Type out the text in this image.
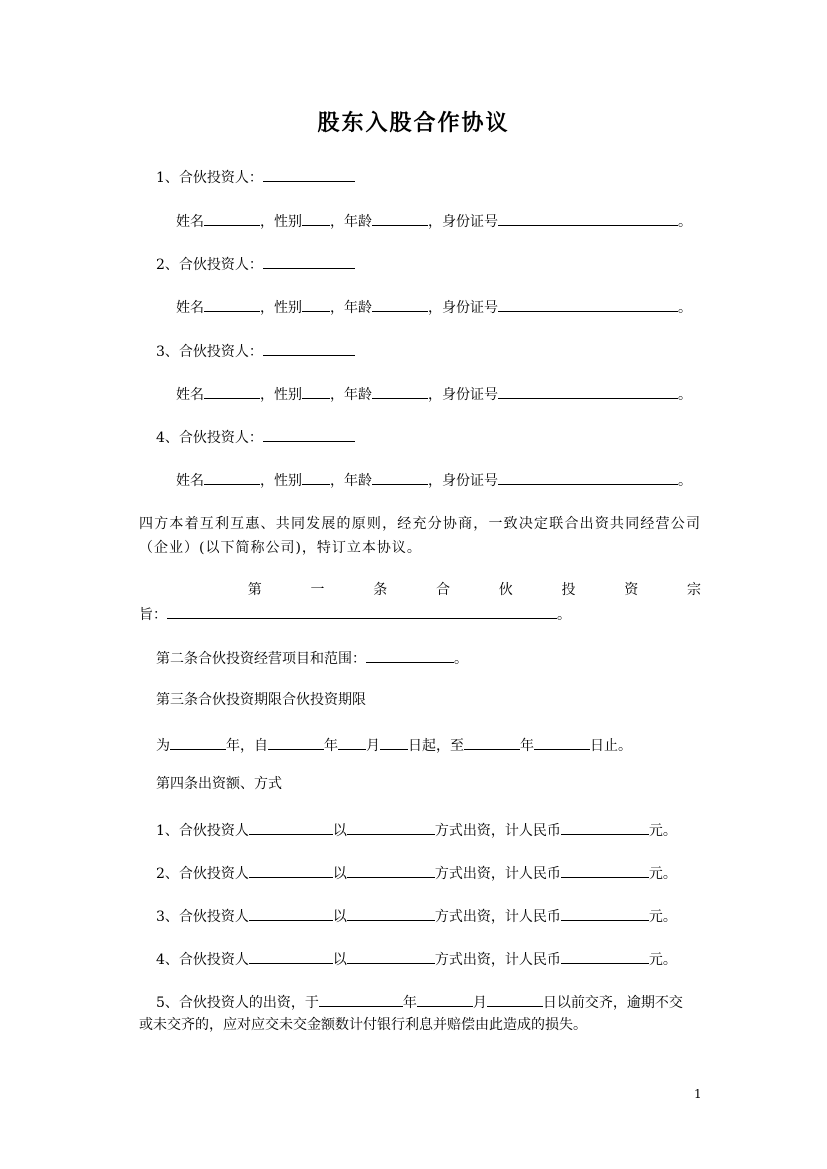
股东入股合作协议
1、合伙投资人：
姓名	，性别 ，年龄	，身份证号	。
2、合伙投资人：
姓名	，性别 ，年龄	，身份证号	。
3、合伙投资人：
姓名	，性别 ，年龄	，身份证号	。
4、合伙投资人：
姓名	，性别 ，年龄	，身份证号	。
四方本着互利互惠、共同发展的原则，经充分协商，一致决定联合出资共同经营公司（企业）(以下简称公司)，特订立本协议。
第	一	条	合	伙	投	资	宗
旨：	。
第二条合伙投资经营项目和范围：	。
第三条合伙投资期限合伙投资期限
为	年，自	年 月 日起，至	年	日止。
第四条出资额、方式
1、合伙投资人	以	方式出资，计人民币	元。
2、合伙投资人	以	方式出资，计人民币	元。
3、合伙投资人	以	方式出资，计人民币	元。
4、合伙投资人	以	方式出资，计人民币	元。
5、合伙投资人的出资，于	年	月	日以前交齐，逾期不交
或未交齐的，应对应交未交金额数计付银行利息并赔偿由此造成的损失。
1
